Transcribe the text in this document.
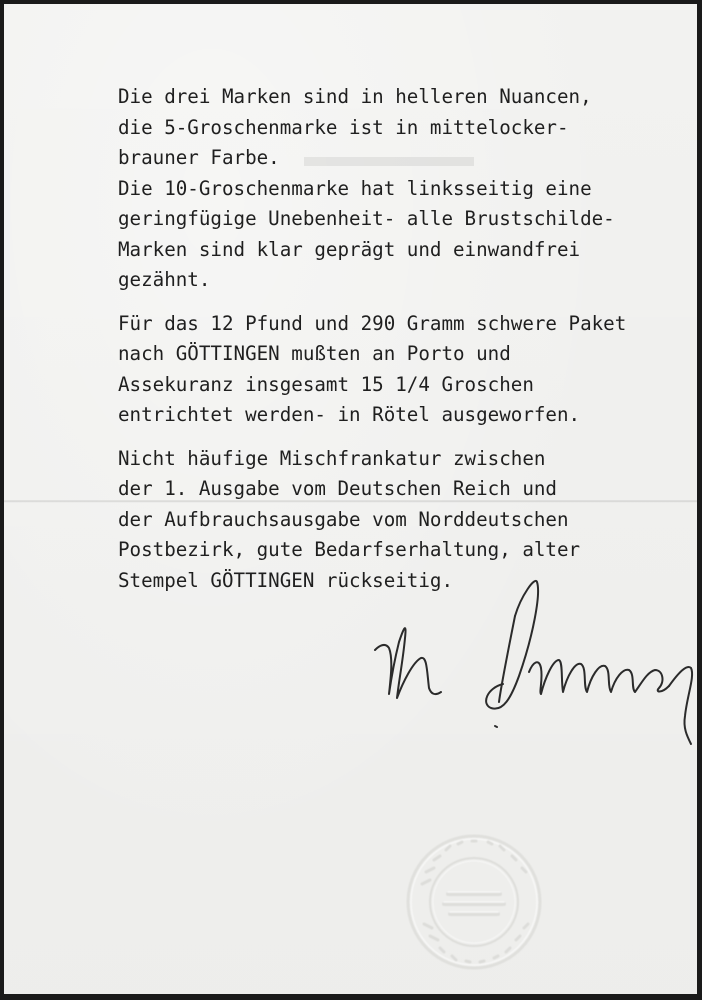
Die drei Marken sind in helleren Nuancen,
die 5-Groschenmarke ist in mittelocker-
brauner Farbe.
Die 10-Groschenmarke hat linksseitig eine
geringfügige Unebenheit- alle Brustschilde-
Marken sind klar geprägt und einwandfrei
gezähnt.
Für das 12 Pfund und 290 Gramm schwere Paket
nach GÖTTINGEN mußten an Porto und
Assekuranz insgesamt 15 1/4 Groschen
entrichtet werden- in Rötel ausgeworfen.
Nicht häufige Mischfrankatur zwischen
der 1. Ausgabe vom Deutschen Reich und
der Aufbrauchsausgabe vom Norddeutschen
Postbezirk, gute Bedarfserhaltung, alter
Stempel GÖTTINGEN rückseitig.
